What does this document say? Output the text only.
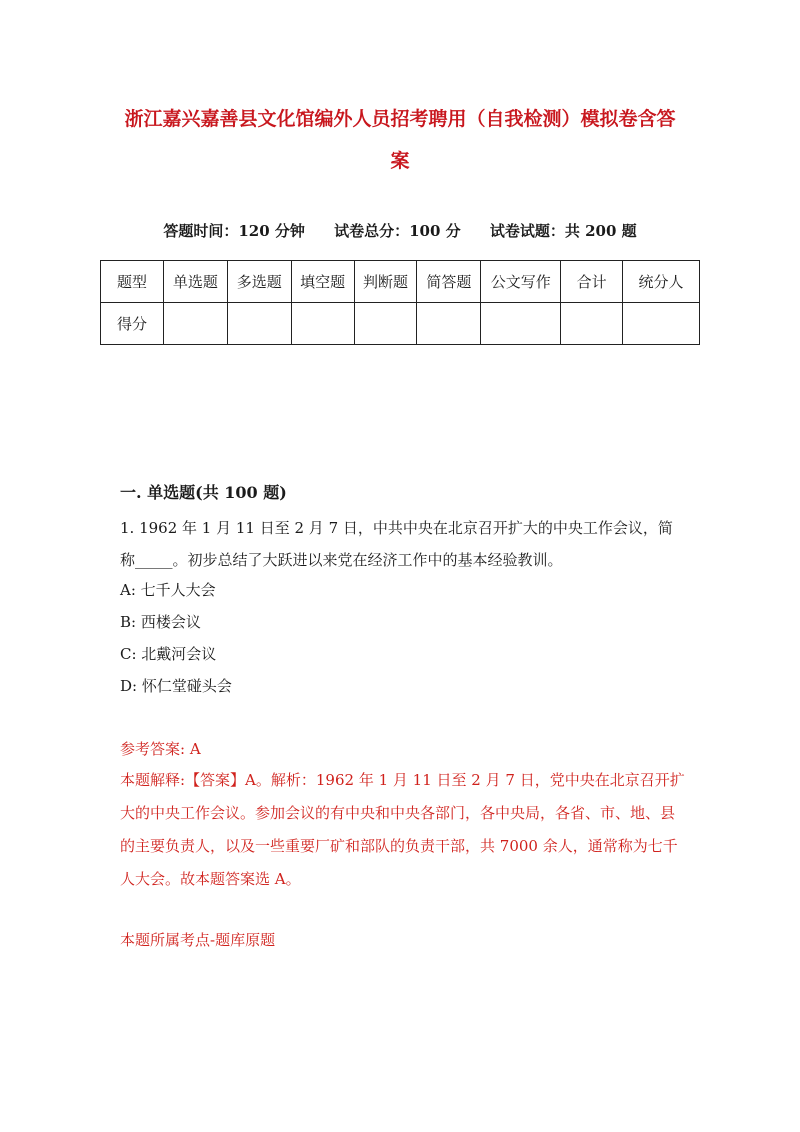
浙江嘉兴嘉善县文化馆编外人员招考聘用（自我检测）模拟卷含答
案
答题时间：120 分钟 试卷总分：100 分 试卷试题：共 200 题
题型	单选题	多选题	填空题	判断题	简答题	公文写作	合计	统分人
得分								
一. 单选题(共 100 题)
1. 1962 年 1 月 11 日至 2 月 7 日，中共中央在北京召开扩大的中央工作会议，简称_____。初步总结了大跃进以来党在经济工作中的基本经验教训。
A: 七千人大会
B: 西楼会议
C: 北戴河会议
D: 怀仁堂碰头会
参考答案: A
本题解释:【答案】A。解析：1962 年 1 月 11 日至 2 月 7 日，党中央在北京召开扩大的中央工作会议。参加会议的有中央和中央各部门，各中央局，各省、市、地、县的主要负责人，以及一些重要厂矿和部队的负责干部，共 7000 余人，通常称为七千人大会。故本题答案选 A。
本题所属考点-题库原题
